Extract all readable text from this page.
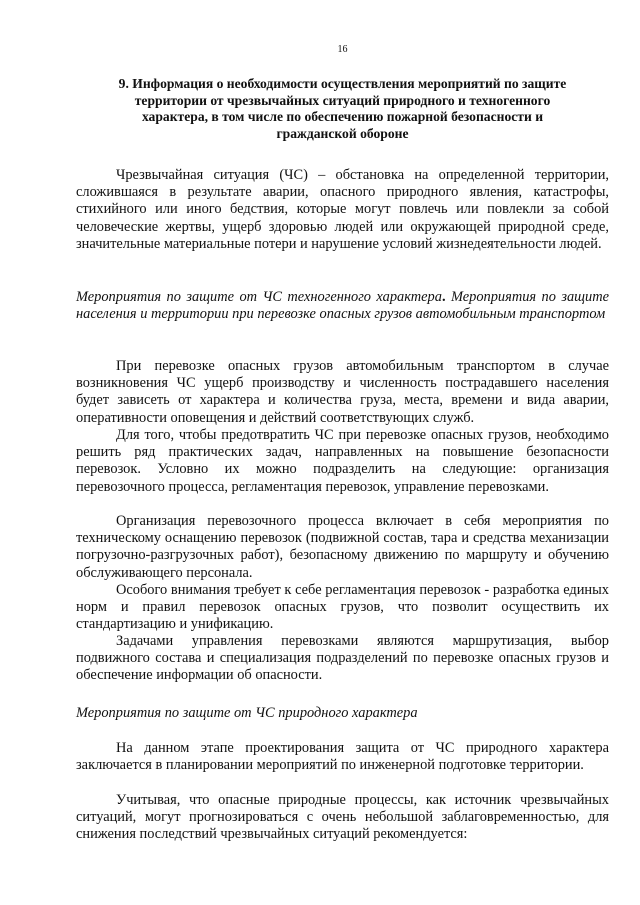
16
9. Информация о необходимости осуществления мероприятий по защите
территории от чрезвычайных ситуаций природного и техногенного
характера, в том числе по обеспечению пожарной безопасности и
гражданской обороне

Чрезвычайная ситуация (ЧС) – обстановка на определенной территории, сложившаяся в результате аварии, опасного природного явления, катастрофы, стихийного или иного бедствия, которые могут повлечь или повлекли за собой человеческие жертвы, ущерб здоровью людей или окружающей природной среде, значительные материальные потери и нарушение условий жизнедеятельности людей.

Мероприятия по защите от ЧС техногенного характера. Мероприятия по защите населения и территории при перевозке опасных грузов автомобильным транспортом

При перевозке опасных грузов автомобильным транспортом в случае возникновения ЧС ущерб производству и численность пострадавшего населения будет зависеть от характера и количества груза, места, времени и вида аварии, оперативности оповещения и действий соответствующих служб.

Для того, чтобы предотвратить ЧС при перевозке опасных грузов, необходимо решить ряд практических задач, направленных на повышение безопасности перевозок. Условно их можно подразделить на следующие: организация перевозочного процесса, регламентация перевозок, управление перевозками.

Организация перевозочного процесса включает в себя мероприятия по техническому оснащению перевозок (подвижной состав, тара и средства механизации погрузочно-разгрузочных работ), безопасному движению по маршруту и обучению обслуживающего персонала.

Особого внимания требует к себе регламентация перевозок - разработка единых норм и правил перевозок опасных грузов, что позволит осуществить их стандартизацию и унификацию.

Задачами управления перевозками являются маршрутизация, выбор подвижного состава и специализация подразделений по перевозке опасных грузов и обеспечение информации об опасности.

Мероприятия по защите от ЧС природного характера

На данном этапе проектирования защита от ЧС природного характера заключается в планировании мероприятий по инженерной подготовке территории.

Учитывая, что опасные природные процессы, как источник чрезвычайных ситуаций, могут прогнозироваться с очень небольшой заблаговременностью, для снижения последствий чрезвычайных ситуаций рекомендуется:
